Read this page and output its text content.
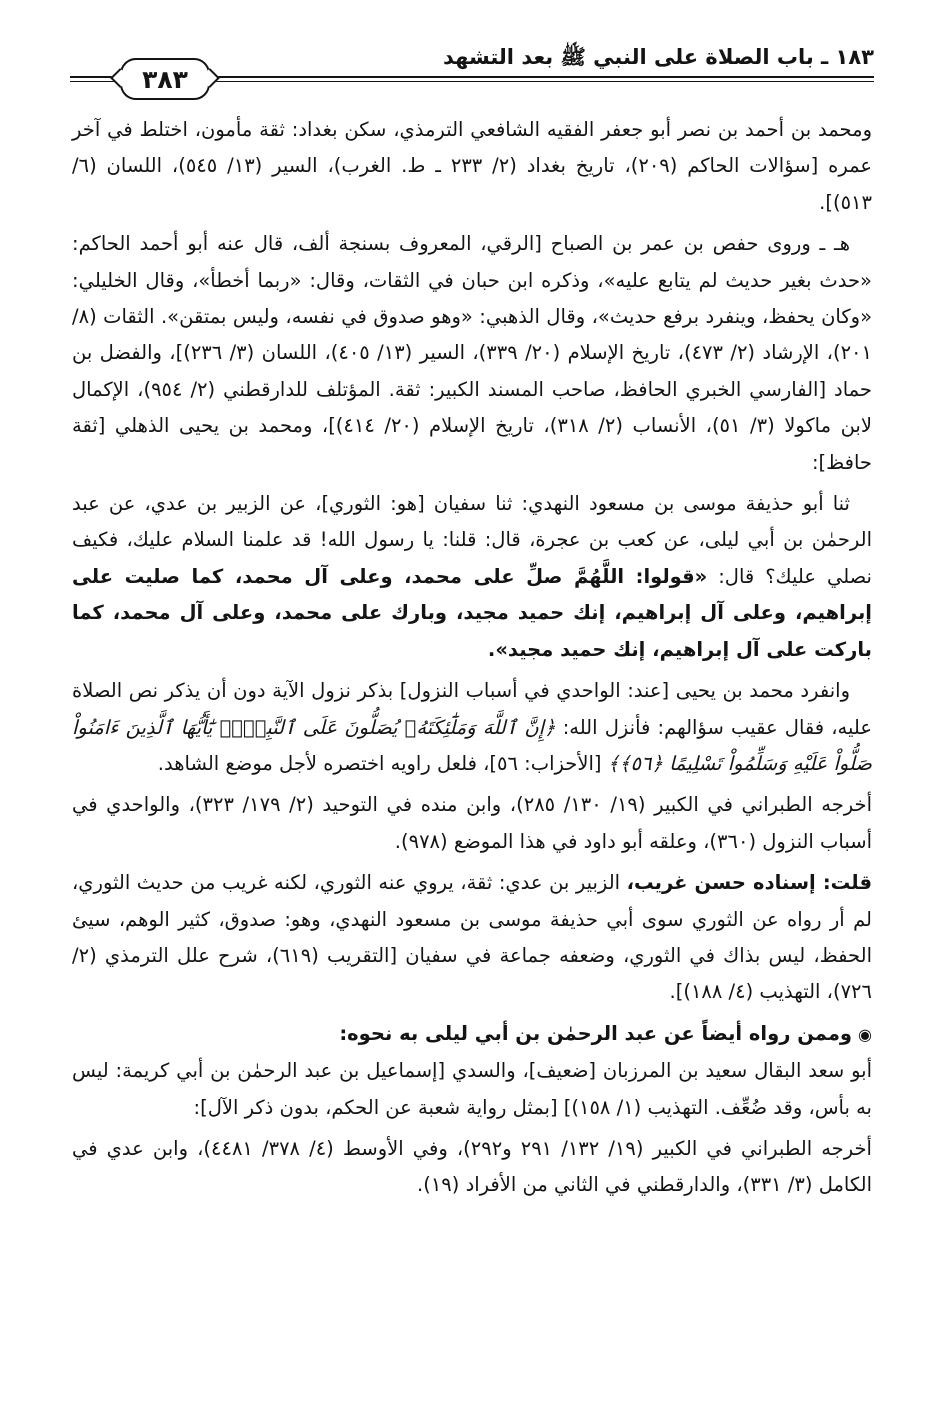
١٨٣ ـ باب الصلاة على النبي ﷺ بعد التشهد
٣٨٣

ومحمد بن أحمد بن نصر أبو جعفر الفقيه الشافعي الترمذي، سكن بغداد: ثقة مأمون، اختلط في آخر عمره [سؤالات الحاكم (٢٠٩)، تاريخ بغداد (٢/ ٢٣٣ ـ ط. الغرب)، السير (١٣/ ٥٤٥)، اللسان (٦/ ٥١٣)].

هـ ـ وروى حفص بن عمر بن الصباح [الرقي، المعروف بسنجة ألف، قال عنه أبو أحمد الحاكم: «حدث بغير حديث لم يتابع عليه»، وذكره ابن حبان في الثقات، وقال: «ربما أخطأ»، وقال الخليلي: «وكان يحفظ، وينفرد برفع حديث»، وقال الذهبي: «وهو صدوق في نفسه، وليس بمتقن». الثقات (٨/ ٢٠١)، الإرشاد (٢/ ٤٧٣)، تاريخ الإسلام (٢٠/ ٣٣٩)، السير (١٣/ ٤٠٥)، اللسان (٣/ ٢٣٦)]، والفضل بن حماد [الفارسي الخبري الحافظ، صاحب المسند الكبير: ثقة. المؤتلف للدارقطني (٢/ ٩٥٤)، الإكمال لابن ماكولا (٣/ ٥١)، الأنساب (٢/ ٣١٨)، تاريخ الإسلام (٢٠/ ٤١٤)]، ومحمد بن يحيى الذهلي [ثقة حافظ]:

ثنا أبو حذيفة موسى بن مسعود النهدي: ثنا سفيان [هو: الثوري]، عن الزبير بن عدي، عن عبد الرحمٰن بن أبي ليلى، عن كعب بن عجرة، قال: قلنا: يا رسول الله! قد علمنا السلام عليك، فكيف نصلي عليك؟ قال: «قولوا: اللَّهُمَّ صلِّ على محمد، وعلى آل محمد، كما صليت على إبراهيم، وعلى آل إبراهيم، إنك حميد مجيد، وبارك على محمد، وعلى آل محمد، كما باركت على آل إبراهيم، إنك حميد مجيد».

وانفرد محمد بن يحيى [عند: الواحدي في أسباب النزول] بذكر نزول الآية دون أن يذكر نص الصلاة عليه، فقال عقيب سؤالهم: فأنزل الله: ﴿إِنَّ ٱللَّهَ وَمَلَٰٓئِكَتَهُۥ يُصَلُّونَ عَلَى ٱلنَّبِيِّۚ يَٰٓأَيُّهَا ٱلَّذِينَ ءَامَنُواْ صَلُّواْ عَلَيْهِ وَسَلِّمُواْ تَسْلِيمًا ﴿٥٦﴾﴾ [الأحزاب: ٥٦]، فلعل راويه اختصره لأجل موضع الشاهد.

أخرجه الطبراني في الكبير (١٩/ ١٣٠/ ٢٨٥)، وابن منده في التوحيد (٢/ ١٧٩/ ٣٢٣)، والواحدي في أسباب النزول (٣٦٠)، وعلقه أبو داود في هذا الموضع (٩٧٨).

قلت: إسناده حسن غريب، الزبير بن عدي: ثقة، يروي عنه الثوري، لكنه غريب من حديث الثوري، لم أر رواه عن الثوري سوى أبي حذيفة موسى بن مسعود النهدي، وهو: صدوق، كثير الوهم، سيئ الحفظ، ليس بذاك في الثوري، وضعفه جماعة في سفيان [التقريب (٦١٩)، شرح علل الترمذي (٢/ ٧٢٦)، التهذيب (٤/ ١٨٨)].

◉وممن رواه أيضاً عن عبد الرحمٰن بن أبي ليلى به نحوه:

أبو سعد البقال سعيد بن المرزبان [ضعيف]، والسدي [إسماعيل بن عبد الرحمٰن بن أبي كريمة: ليس به بأس، وقد ضُعِّف. التهذيب (١/ ١٥٨)] [بمثل رواية شعبة عن الحكم، بدون ذكر الآل]:

أخرجه الطبراني في الكبير (١٩/ ١٣٢/ ٢٩١ و٢٩٢)، وفي الأوسط (٤/ ٣٧٨/ ٤٤٨١)، وابن عدي في الكامل (٣/ ٣٣١)، والدارقطني في الثاني من الأفراد (١٩).
